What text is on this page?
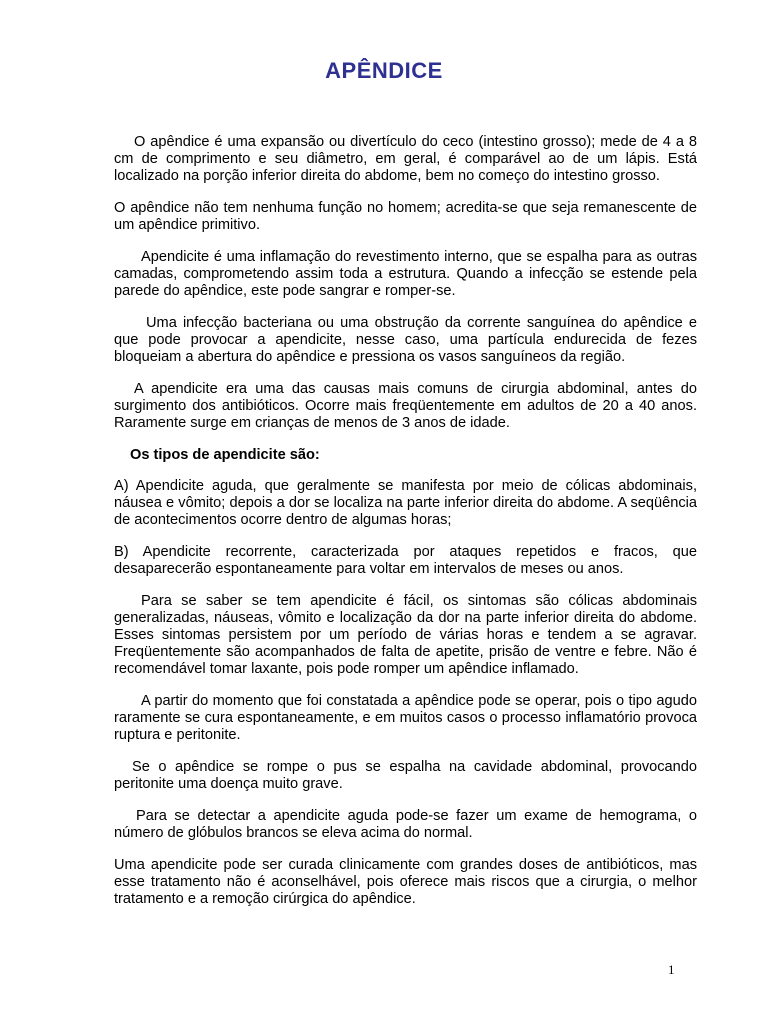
APÊNDICE

O apêndice é uma expansão ou divertículo do ceco (intestino grosso); mede de 4 a 8 cm de comprimento e seu diâmetro, em geral, é comparável ao de um lápis. Está localizado na porção inferior direita do abdome, bem no começo do intestino grosso.

O apêndice não tem nenhuma função no homem; acredita-se que seja remanescente de um apêndice primitivo.

Apendicite é uma inflamação do revestimento interno, que se espalha para as outras camadas, comprometendo assim toda a estrutura. Quando a infecção se estende pela parede do apêndice, este pode sangrar e romper-se.

Uma infecção bacteriana ou uma obstrução da corrente sanguínea do apêndice e que pode provocar a apendicite, nesse caso, uma partícula endurecida de fezes bloqueiam a abertura do apêndice e pressiona os vasos sanguíneos da região.

A apendicite era uma das causas mais comuns de cirurgia abdominal, antes do surgimento dos antibióticos. Ocorre mais freqüentemente em adultos de 20 a 40 anos. Raramente surge em crianças de menos de 3 anos de idade.

Os tipos de apendicite são:

A) Apendicite aguda, que geralmente se manifesta por meio de cólicas abdominais, náusea e vômito; depois a dor se localiza na parte inferior direita do abdome. A seqüência de acontecimentos ocorre dentro de algumas horas;

B) Apendicite recorrente, caracterizada por ataques repetidos e fracos, que desaparecerão espontaneamente para voltar em intervalos de meses ou anos.

Para se saber se tem apendicite é fácil, os sintomas são cólicas abdominais generalizadas, náuseas, vômito e localização da dor na parte inferior direita do abdome. Esses sintomas persistem por um período de várias horas e tendem a se agravar. Freqüentemente são acompanhados de falta de apetite, prisão de ventre e febre. Não é recomendável tomar laxante, pois pode romper um apêndice inflamado.

A partir do momento que foi constatada a apêndice pode se operar, pois o tipo agudo raramente se cura espontaneamente, e em muitos casos o processo inflamatório provoca ruptura e peritonite.

Se o apêndice se rompe o pus se espalha na cavidade abdominal, provocando peritonite uma doença muito grave.

Para se detectar a apendicite aguda pode-se fazer um exame de hemograma, o número de glóbulos brancos se eleva acima do normal.

Uma apendicite pode ser curada clinicamente com grandes doses de antibióticos, mas esse tratamento não é aconselhável, pois oferece mais riscos que a cirurgia, o melhor tratamento e a remoção cirúrgica do apêndice.

1
